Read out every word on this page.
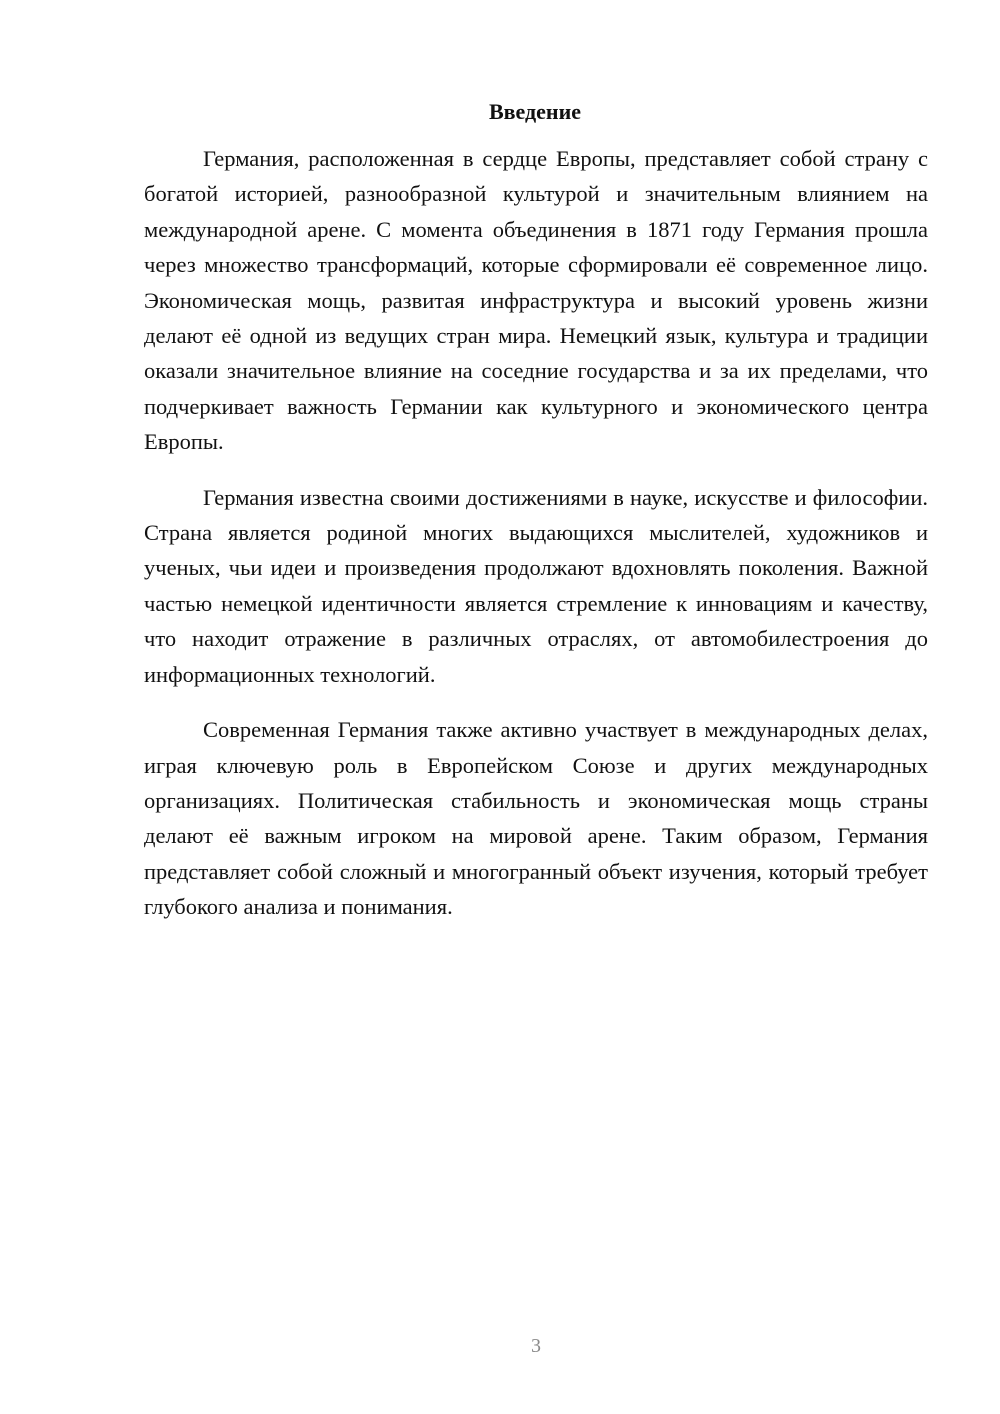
Введение

Германия, расположенная в сердце Европы, представляет собой страну с богатой историей, разнообразной культурой и значительным влиянием на международной арене. С момента объединения в 1871 году Германия прошла через множество трансформаций, которые сформировали её современное лицо. Экономическая мощь, развитая инфраструктура и высокий уровень жизни делают её одной из ведущих стран мира. Немецкий язык, культура и традиции оказали значительное влияние на соседние государства и за их пределами, что подчеркивает важность Германии как культурного и экономического центра Европы.

Германия известна своими достижениями в науке, искусстве и философии. Страна является родиной многих выдающихся мыслителей, художников и ученых, чьи идеи и произведения продолжают вдохновлять поколения. Важной частью немецкой идентичности является стремление к инновациям и качеству, что находит отражение в различных отраслях, от автомобилестроения до информационных технологий.

Современная Германия также активно участвует в международных делах, играя ключевую роль в Европейском Союзе и других международных организациях. Политическая стабильность и экономическая мощь страны делают её важным игроком на мировой арене. Таким образом, Германия представляет собой сложный и многогранный объект изучения, который требует глубокого анализа и понимания.

3
